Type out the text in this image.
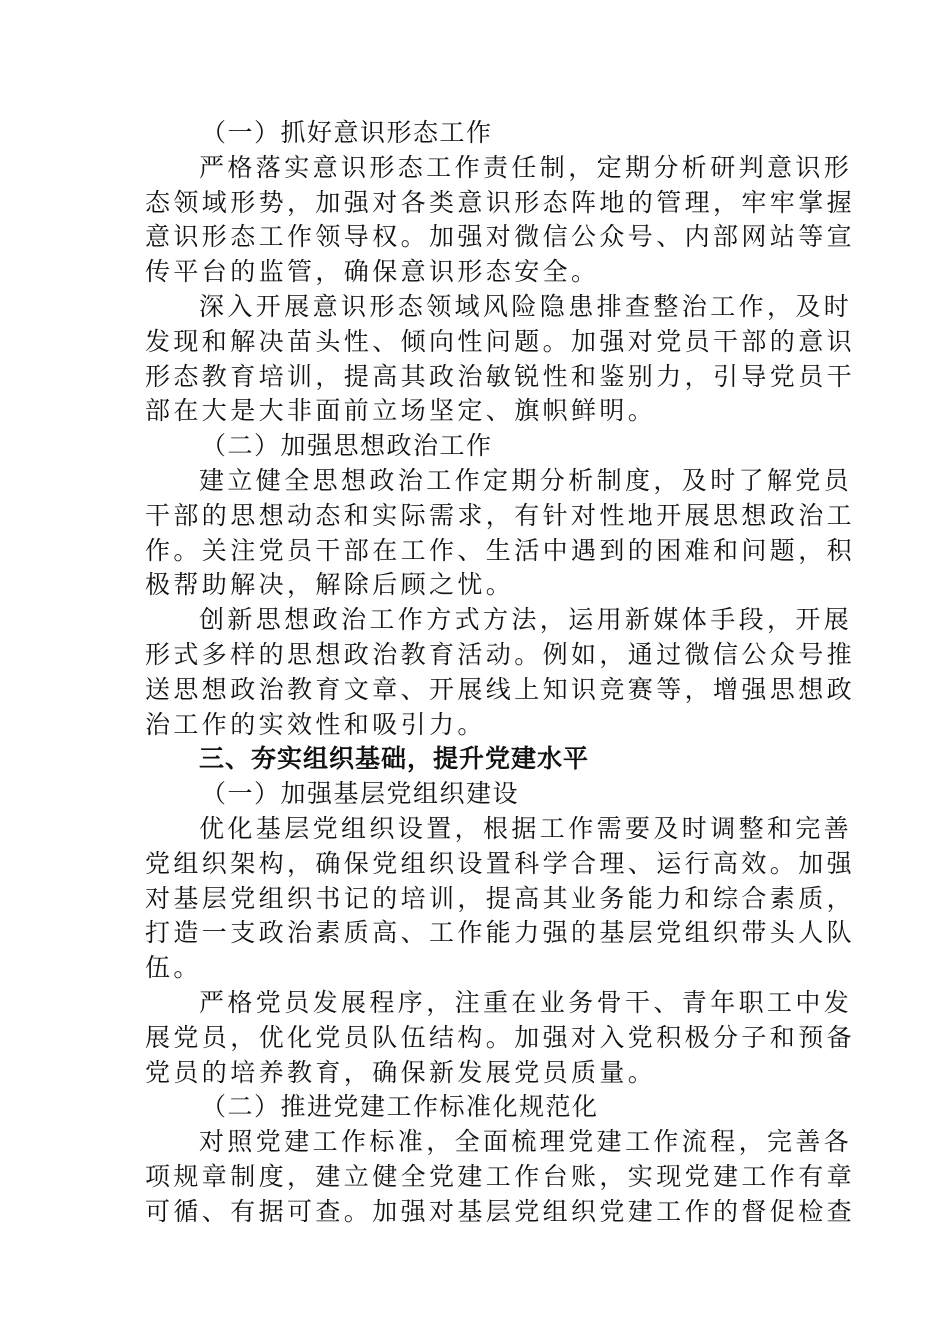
（一）抓好意识形态工作
严格落实意识形态工作责任制，定期分析研判意识形
态领域形势，加强对各类意识形态阵地的管理，牢牢掌握
意识形态工作领导权。加强对微信公众号、内部网站等宣
传平台的监管，确保意识形态安全。
深入开展意识形态领域风险隐患排查整治工作，及时
发现和解决苗头性、倾向性问题。加强对党员干部的意识
形态教育培训，提高其政治敏锐性和鉴别力，引导党员干
部在大是大非面前立场坚定、旗帜鲜明。
（二）加强思想政治工作
建立健全思想政治工作定期分析制度，及时了解党员
干部的思想动态和实际需求，有针对性地开展思想政治工
作。关注党员干部在工作、生活中遇到的困难和问题，积
极帮助解决，解除后顾之忧。
创新思想政治工作方式方法，运用新媒体手段，开展
形式多样的思想政治教育活动。例如，通过微信公众号推
送思想政治教育文章、开展线上知识竞赛等，增强思想政
治工作的实效性和吸引力。
三、夯实组织基础，提升党建水平
（一）加强基层党组织建设
优化基层党组织设置，根据工作需要及时调整和完善
党组织架构，确保党组织设置科学合理、运行高效。加强
对基层党组织书记的培训，提高其业务能力和综合素质，
打造一支政治素质高、工作能力强的基层党组织带头人队
伍。
严格党员发展程序，注重在业务骨干、青年职工中发
展党员，优化党员队伍结构。加强对入党积极分子和预备
党员的培养教育，确保新发展党员质量。
（二）推进党建工作标准化规范化
对照党建工作标准，全面梳理党建工作流程，完善各
项规章制度，建立健全党建工作台账，实现党建工作有章
可循、有据可查。加强对基层党组织党建工作的督促检查
